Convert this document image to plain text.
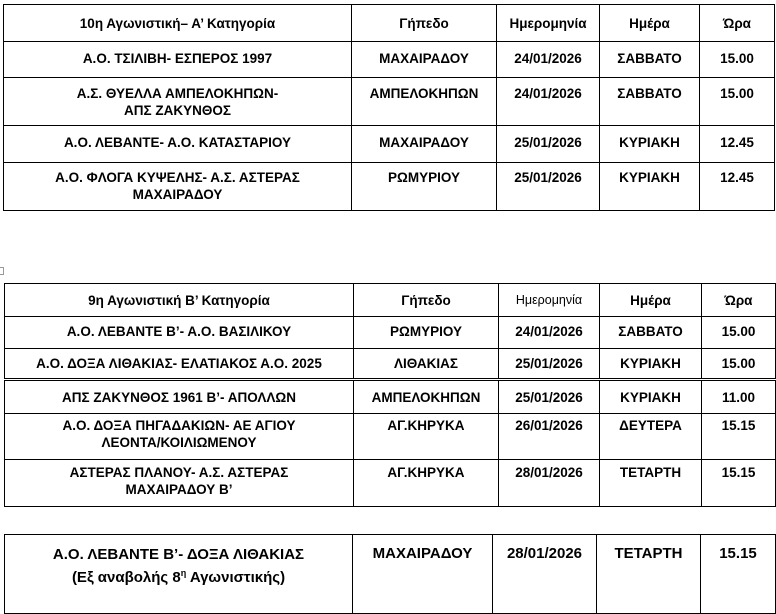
10η Αγωνιστική– Α’ Κατηγορία	Γήπεδο	Ημερομηνία	Ημέρα	Ώρα
Α.Ο. ΤΣΙΛΙΒΗ- ΕΣΠΕΡΟΣ 1997	ΜΑΧΑΙΡΑΔΟΥ	24/01/2026	ΣΑΒΒΑΤΟ	15.00
Α.Σ. ΘΥΕΛΛΑ ΑΜΠΕΛΟΚΗΠΩΝ- ΑΠΣ ΖΑΚΥΝΘΟΣ	ΑΜΠΕΛΟΚΗΠΩΝ	24/01/2026	ΣΑΒΒΑΤΟ	15.00
Α.Ο. ΛΕΒΑΝΤΕ- Α.Ο. ΚΑΤΑΣΤΑΡΙΟΥ	ΜΑΧΑΙΡΑΔΟΥ	25/01/2026	ΚΥΡΙΑΚΗ	12.45
Α.Ο. ΦΛΟΓΑ ΚΥΨΕΛΗΣ- Α.Σ. ΑΣΤΕΡΑΣ ΜΑΧΑΙΡΑΔΟΥ	ΡΩΜΥΡΙΟΥ	25/01/2026	ΚΥΡΙΑΚΗ	12.45
9η Αγωνιστική Β’ Κατηγορία	Γήπεδο	Ημερομηνία	Ημέρα	Ώρα
Α.Ο. ΛΕΒΑΝΤΕ Β’- Α.Ο. ΒΑΣΙΛΙΚΟΥ	ΡΩΜΥΡΙΟΥ	24/01/2026	ΣΑΒΒΑΤΟ	15.00
Α.Ο. ΔΟΞΑ ΛΙΘΑΚΙΑΣ- ΕΛΑΤΙΑΚΟΣ Α.Ο. 2025	ΛΙΘΑΚΙΑΣ	25/01/2026	ΚΥΡΙΑΚΗ	15.00
ΑΠΣ ΖΑΚΥΝΘΟΣ 1961 Β’- ΑΠΟΛΛΩΝ	ΑΜΠΕΛΟΚΗΠΩΝ	25/01/2026	ΚΥΡΙΑΚΗ	11.00
Α.Ο. ΔΟΞΑ ΠΗΓΑΔΑΚΙΩΝ- ΑΕ ΑΓΙΟΥ ΛΕΟΝΤΑ/ΚΟΙΛΙΩΜΕΝΟΥ	ΑΓ.ΚΗΡΥΚΑ	26/01/2026	ΔΕΥΤΕΡΑ	15.15
ΑΣΤΕΡΑΣ ΠΛΑΝΟΥ- Α.Σ. ΑΣΤΕΡΑΣ ΜΑΧΑΙΡΑΔΟΥ Β’	ΑΓ.ΚΗΡΥΚΑ	28/01/2026	ΤΕΤΑΡΤΗ	15.15
Α.Ο. ΛΕΒΑΝΤΕ Β’- ΔΟΞΑ ΛΙΘΑΚΙΑΣ (Εξ αναβολής $8^\eta$ Αγωνιστικής)	ΜΑΧΑΙΡΑΔΟΥ	28/01/2026	ΤΕΤΑΡΤΗ	15.15
